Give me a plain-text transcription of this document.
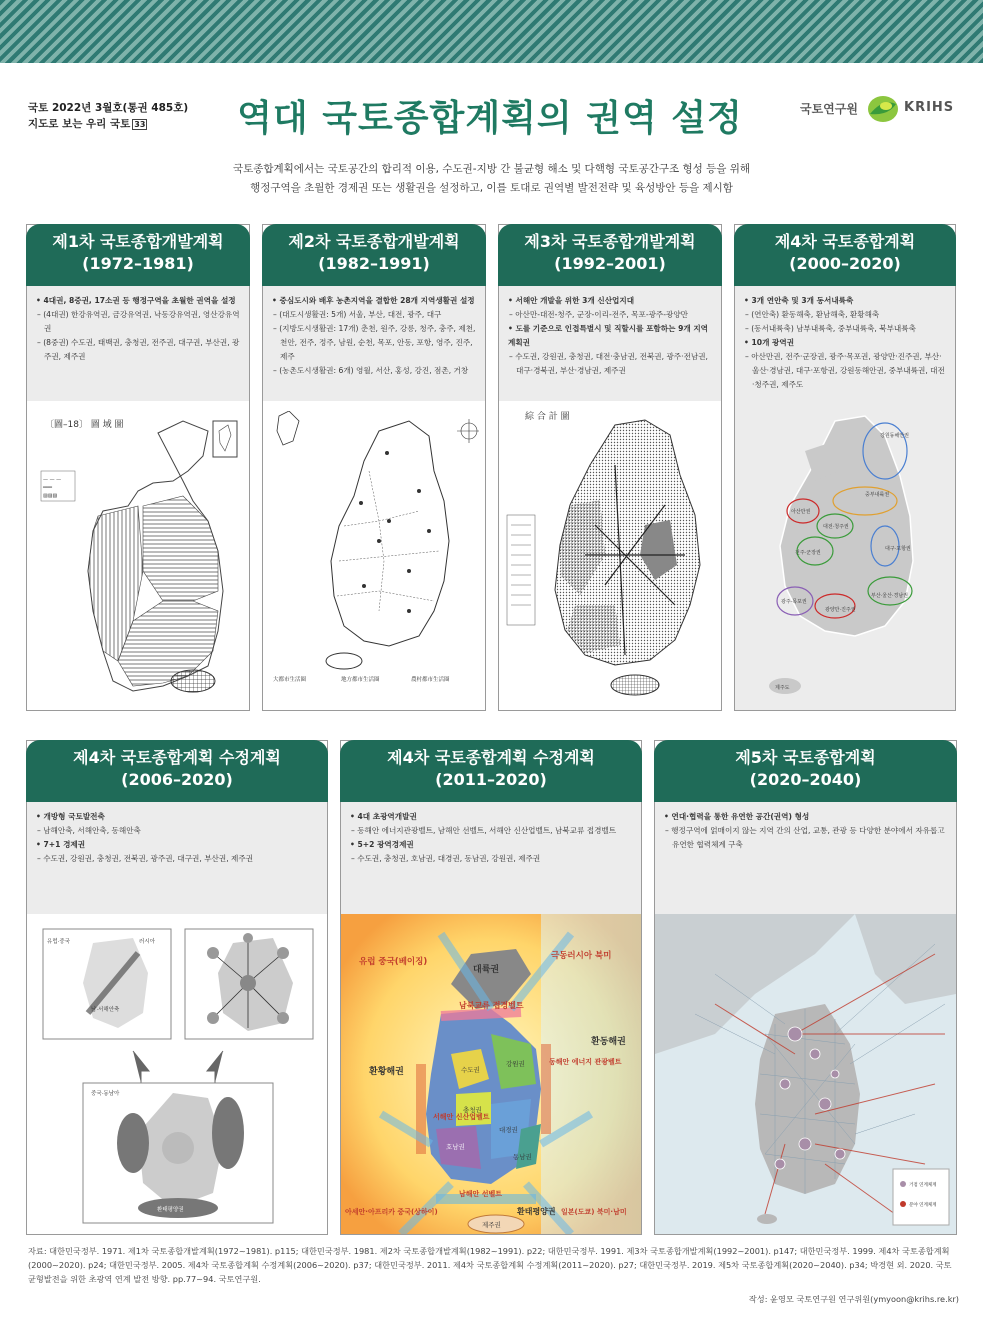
국토 2022년 3월호(통권 485호)
지도로 보는 우리 국토 33	역대 국토종합계획의 권역 설정	국토연구원	KRIHS
국토종합계획에서는 국토공간의 합리적 이용, 수도권-지방 간 불균형 해소 및 다핵형 국토공간구조 형성 등을 위해
행정구역을 초월한 경제권 또는 생활권을 설정하고, 이를 토대로 권역별 발전전략 및 육성방안 등을 제시함
제1차 국토종합개발계획
(1972–1981)
• 4대권, 8중권, 17소권 등 행정구역을 초월한 권역을 설정
– (4대권) 한강유역권, 금강유역권, 낙동강유역권, 영산강유역권
– (8중권) 수도권, 태백권, 충청권, 전주권, 대구권, 부산권, 광주권, 제주권
〔圖–18〕 圖 域 圖
— — —
═══
▨▨▨
제2차 국토종합개발계획
(1982–1991)
• 중심도시와 배후 농촌지역을 결합한 28개 지역생활권 설정
– (대도시생활권: 5개) 서울, 부산, 대전, 광주, 대구
– (지방도시생활권: 17개) 춘천, 원주, 강릉, 청주, 충주, 제천, 천안, 전주, 정주, 남원, 순천, 목포, 안동, 포항, 영주, 진주, 제주
– (농촌도시생활권: 6개) 영월, 서산, 홍성, 강진, 점촌, 거창
大都市生活圈	地方都市生活圈	農村都市生活圈
제3차 국토종합개발계획
(1992–2001)
• 서해안 개발을 위한 3개 신산업지대
– 아산만-대전-청주, 군장-이리-전주, 목포-광주-광양만
• 도를 기준으로 인접특별시 및 직할시를 포함하는 9개 지역계획권
– 수도권, 강원권, 충청권, 대전·충남권, 전북권, 광주·전남권, 대구·경북권, 부산·경남권, 제주권
綜 合 計 圖
제4차 국토종합계획
(2000–2020)
• 3개 연안축 및 3개 동서내륙축
– (연안축) 환동해축, 환남해축, 환황해축
– (동서내륙축) 남부내륙축, 중부내륙축, 북부내륙축
• 10개 광역권
– 아산만권, 전주·군장권, 광주·목포권, 광양만·진주권, 부산·울산·경남권, 대구·포항권, 강원동해안권, 중부내륙권, 대전·청주권, 제주도
강원동해안권
중부내륙권
아산만권
대전·청주권
대구·포항권
전주·군장권
광주·목포권
광양만·진주권
부산·울산·경남권
제주도
제4차 국토종합계획 수정계획
(2006–2020)
• 개방형 국토발전축
– 남해안축, 서해안축, 동해안축
• 7+1 경제권
– 수도권, 강원권, 충청권, 전북권, 광주권, 대구권, 부산권, 제주권
유럽·중국	러시아
남·서해안축
중국·동남아
환태평양권
제4차 국토종합계획 수정계획
(2011–2020)
• 4대 초광역개발권
– 동해안 에너지관광벨트, 남해안 선벨트, 서해안 신산업벨트, 남북교류 접경벨트
• 5+2 광역경제권
– 수도권, 충청권, 호남권, 대경권, 동남권, 강원권, 제주권
유럽 중국(베이징)
극동러시아 북미
대륙권
남북교류 접경벨트
환황해권
환동해권
서해안 신산업벨트
동해안 에너지 관광벨트
강원권
수도권
충청권
대경권
호남권
동남권
남해안 선벨트
제주권
환태평양권
아세안·아프리카 중국(상하이)	일본(도쿄) 북미·남미
제5차 국토종합계획
(2020–2040)
• 연대·협력을 통한 유연한 공간(권역) 형성
– 행정구역에 얽매이지 않는 지역 간의 산업, 교통, 관광 등 다양한 분야에서 자유롭고 유연한 협력체계 구축
거점 연계체계
분야 연계체계
자료: 대한민국정부. 1971. 제1차 국토종합개발계획(1972~1981). p115; 대한민국정부. 1981. 제2차 국토종합개발계획(1982~1991). p22; 대한민국정부. 1991. 제3차 국토종합개발계획(1992~2001). p147; 대한민국정부. 1999. 제4차 국토종합계획(2000~2020). p24; 대한민국정부. 2005. 제4차 국토종합계획 수정계획(2006~2020). p37; 대한민국정부. 2011. 제4차 국토종합계획 수정계획(2011~2020). p27; 대한민국정부. 2019. 제5차 국토종합계획(2020~2040). p34; 박경현 외. 2020. 국토 균형발전을 위한 초광역 연계 발전 방향. pp.77~94. 국토연구원.
작성: 윤영모 국토연구원 연구위원(ymyoon@krihs.re.kr)
